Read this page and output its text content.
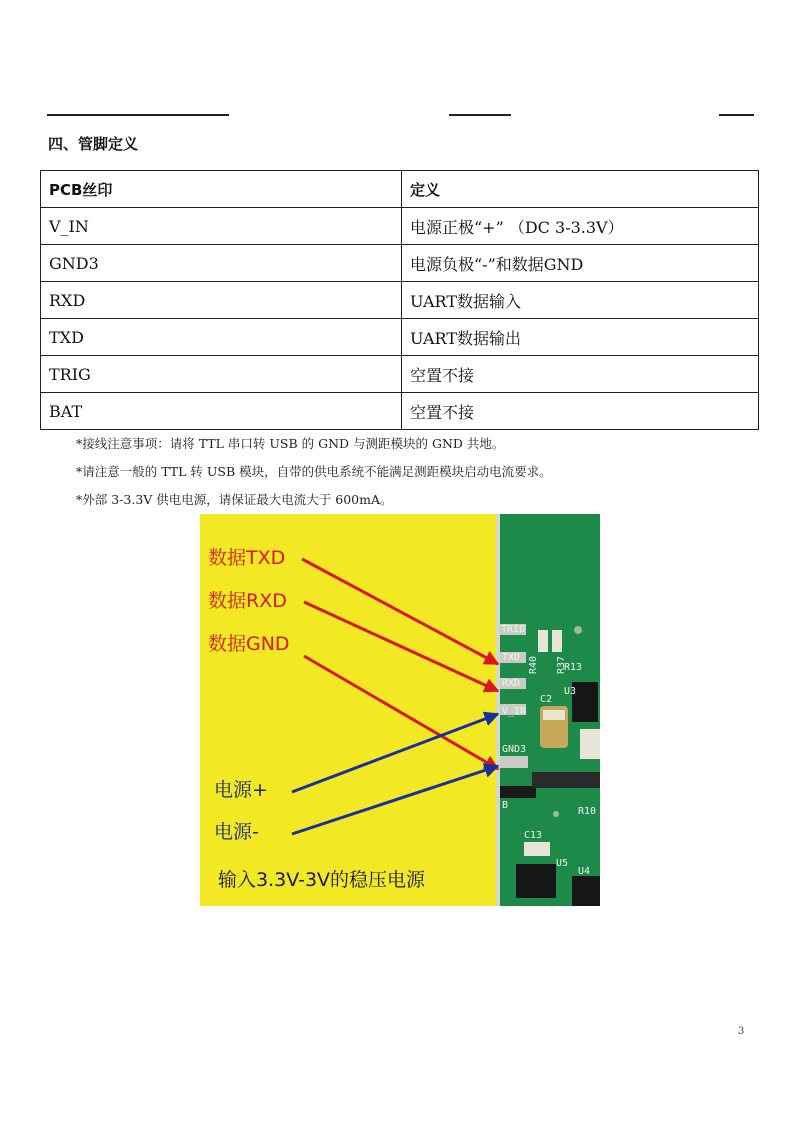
四、管脚定义
PCB丝印	定义
V_IN	电源正极“+” （DC 3-3.3V）
GND3	电源负极“-”和数据GND
RXD	UART数据输入
TXD	UART数据输出
TRIG	空置不接
BAT	空置不接
*接线注意事项：请将 TTL 串口转 USB 的 GND 与测距模块的 GND 共地。
*请注意一般的 TTL 转 USB 模块，自带的供电系统不能满足测距模块启动电流要求。
*外部 3-3.3V 供电电源，请保证最大电流大于 600mA。
TRIG
TXD
RXD
V_IN
GND3
B
C2
C13
U5
U4
U3
R13
R10
R40 R37
数据TXD
数据RXD
数据GND
电源+
电源-
输入3.3V-3V的稳压电源
3
